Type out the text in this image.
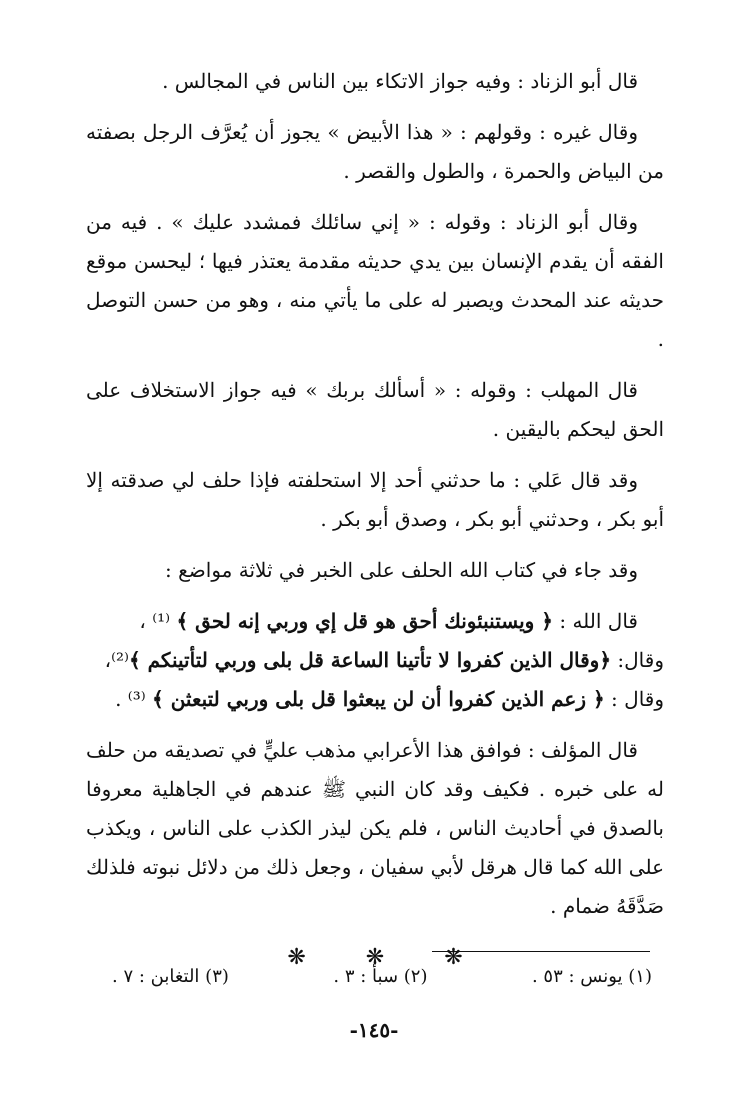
قال أبو الزناد : وفيه جواز الاتكاء بين الناس في المجالس .

وقال غيره : وقولهم : « هذا الأبيض » يجوز أن يُعرَّف الرجل بصفته من البياض والحمرة ، والطول والقصر .

وقال أبو الزناد : وقوله : « إني سائلك فمشدد عليك » . فيه من الفقه أن يقدم الإنسان بين يدي حديثه مقدمة يعتذر فيها ؛ ليحسن موقع حديثه عند المحدث ويصبر له على ما يأتي منه ، وهو من حسن التوصل .

قال المهلب : وقوله : « أسألك بربك » فيه جواز الاستخلاف على الحق ليحكم باليقين .

وقد قال عَلي : ما حدثني أحد إلا استحلفته فإذا حلف لي صدقته إلا أبو بكر ، وحدثني أبو بكر ، وصدق أبو بكر .

وقد جاء في كتاب الله الحلف على الخبر في ثلاثة مواضع :

قال الله : ﴿ ويستنبئونك أحق هو قل إي وربي إنه لحق ﴾ ⁽¹⁾ ،

وقال: ﴿وقال الذين كفروا لا تأتينا الساعة قل بلى وربي لتأتينكم ﴾⁽²⁾،

وقال : ﴿ زعم الذين كفروا أن لن يبعثوا قل بلى وربي لتبعثن ﴾ ⁽³⁾ .

قال المؤلف : فوافق هذا الأعرابي مذهب عليٍّ في تصديقه من حلف له على خبره . فكيف وقد كان النبي ﷺ عندهم في الجاهلية معروفا بالصدق في أحاديث الناس ، فلم يكن ليذر الكذب على الناس ، ويكذب على الله كما قال هرقل لأبي سفيان ، وجعل ذلك من دلائل نبوته فلذلك صَدَّقَهُ ضمام .

❋	❋	❋
(١) يونس : ٥٣ .
(٢) سبأ : ٣ .
(٣) التغابن : ٧ .
-١٤٥-
